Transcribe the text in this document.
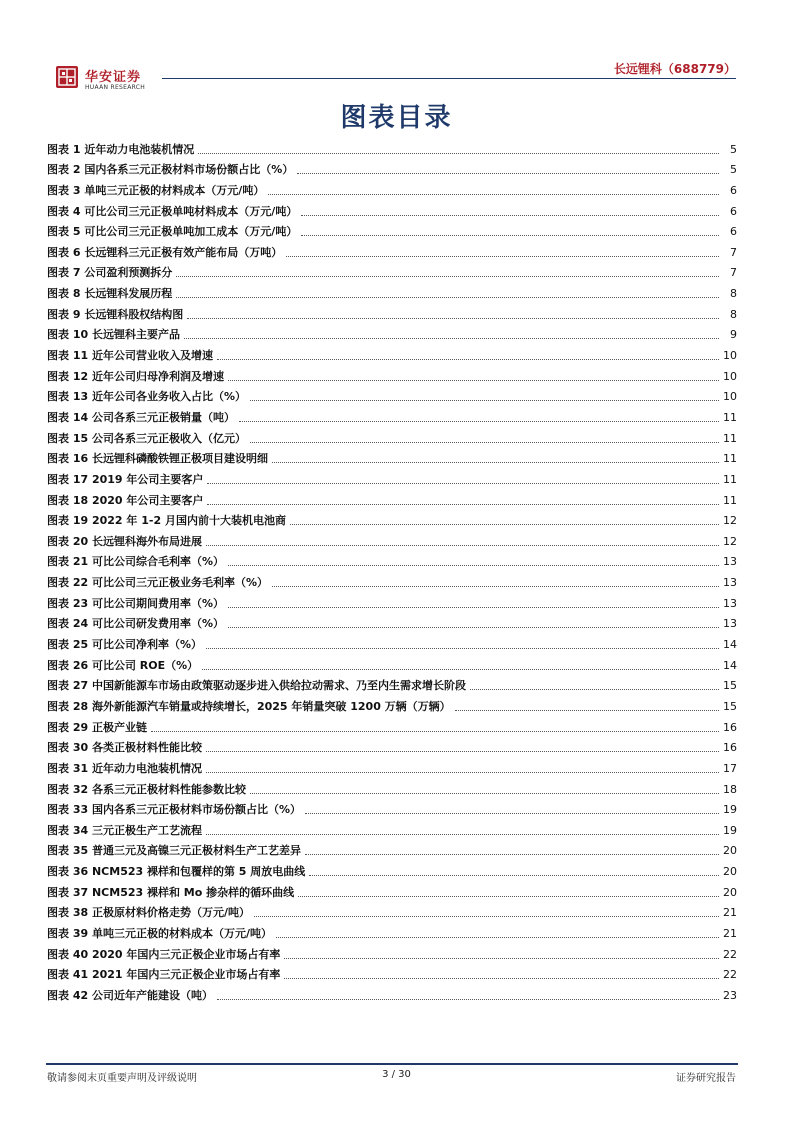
华安证券
HUAAN RESEARCH
长远锂科（688779）
图表目录
图表 1 近年动力电池装机情况	5
图表 2 国内各系三元正极材料市场份额占比（%）	5
图表 3 单吨三元正极的材料成本（万元/吨）	6
图表 4 可比公司三元正极单吨材料成本（万元/吨）	6
图表 5 可比公司三元正极单吨加工成本（万元/吨）	6
图表 6 长远锂科三元正极有效产能布局（万吨）	7
图表 7 公司盈利预测拆分	7
图表 8 长远锂科发展历程	8
图表 9 长远锂科股权结构图	8
图表 10 长远锂科主要产品	9
图表 11 近年公司营业收入及增速	10
图表 12 近年公司归母净利润及增速	10
图表 13 近年公司各业务收入占比（%）	10
图表 14 公司各系三元正极销量（吨）	11
图表 15 公司各系三元正极收入（亿元）	11
图表 16 长远锂科磷酸铁锂正极项目建设明细	11
图表 17 2019 年公司主要客户	11
图表 18 2020 年公司主要客户	11
图表 19 2022 年 1-2 月国内前十大装机电池商	12
图表 20 长远锂科海外布局进展	12
图表 21 可比公司综合毛利率（%）	13
图表 22 可比公司三元正极业务毛利率（%）	13
图表 23 可比公司期间费用率（%）	13
图表 24 可比公司研发费用率（%）	13
图表 25 可比公司净利率（%）	14
图表 26 可比公司 ROE（%）	14
图表 27 中国新能源车市场由政策驱动逐步进入供给拉动需求、乃至内生需求增长阶段	15
图表 28 海外新能源汽车销量或持续增长，2025 年销量突破 1200 万辆（万辆）	15
图表 29 正极产业链	16
图表 30 各类正极材料性能比较	16
图表 31 近年动力电池装机情况	17
图表 32 各系三元正极材料性能参数比较	18
图表 33 国内各系三元正极材料市场份额占比（%）	19
图表 34 三元正极生产工艺流程	19
图表 35 普通三元及高镍三元正极材料生产工艺差异	20
图表 36 NCM523 裸样和包覆样的第 5 周放电曲线	20
图表 37 NCM523 裸样和 Mo 掺杂样的循环曲线	20
图表 38 正极原材料价格走势（万元/吨）	21
图表 39 单吨三元正极的材料成本（万元/吨）	21
图表 40 2020 年国内三元正极企业市场占有率	22
图表 41 2021 年国内三元正极企业市场占有率	22
图表 42 公司近年产能建设（吨）	23
敬请参阅末页重要声明及评级说明	3 / 30	证券研究报告
